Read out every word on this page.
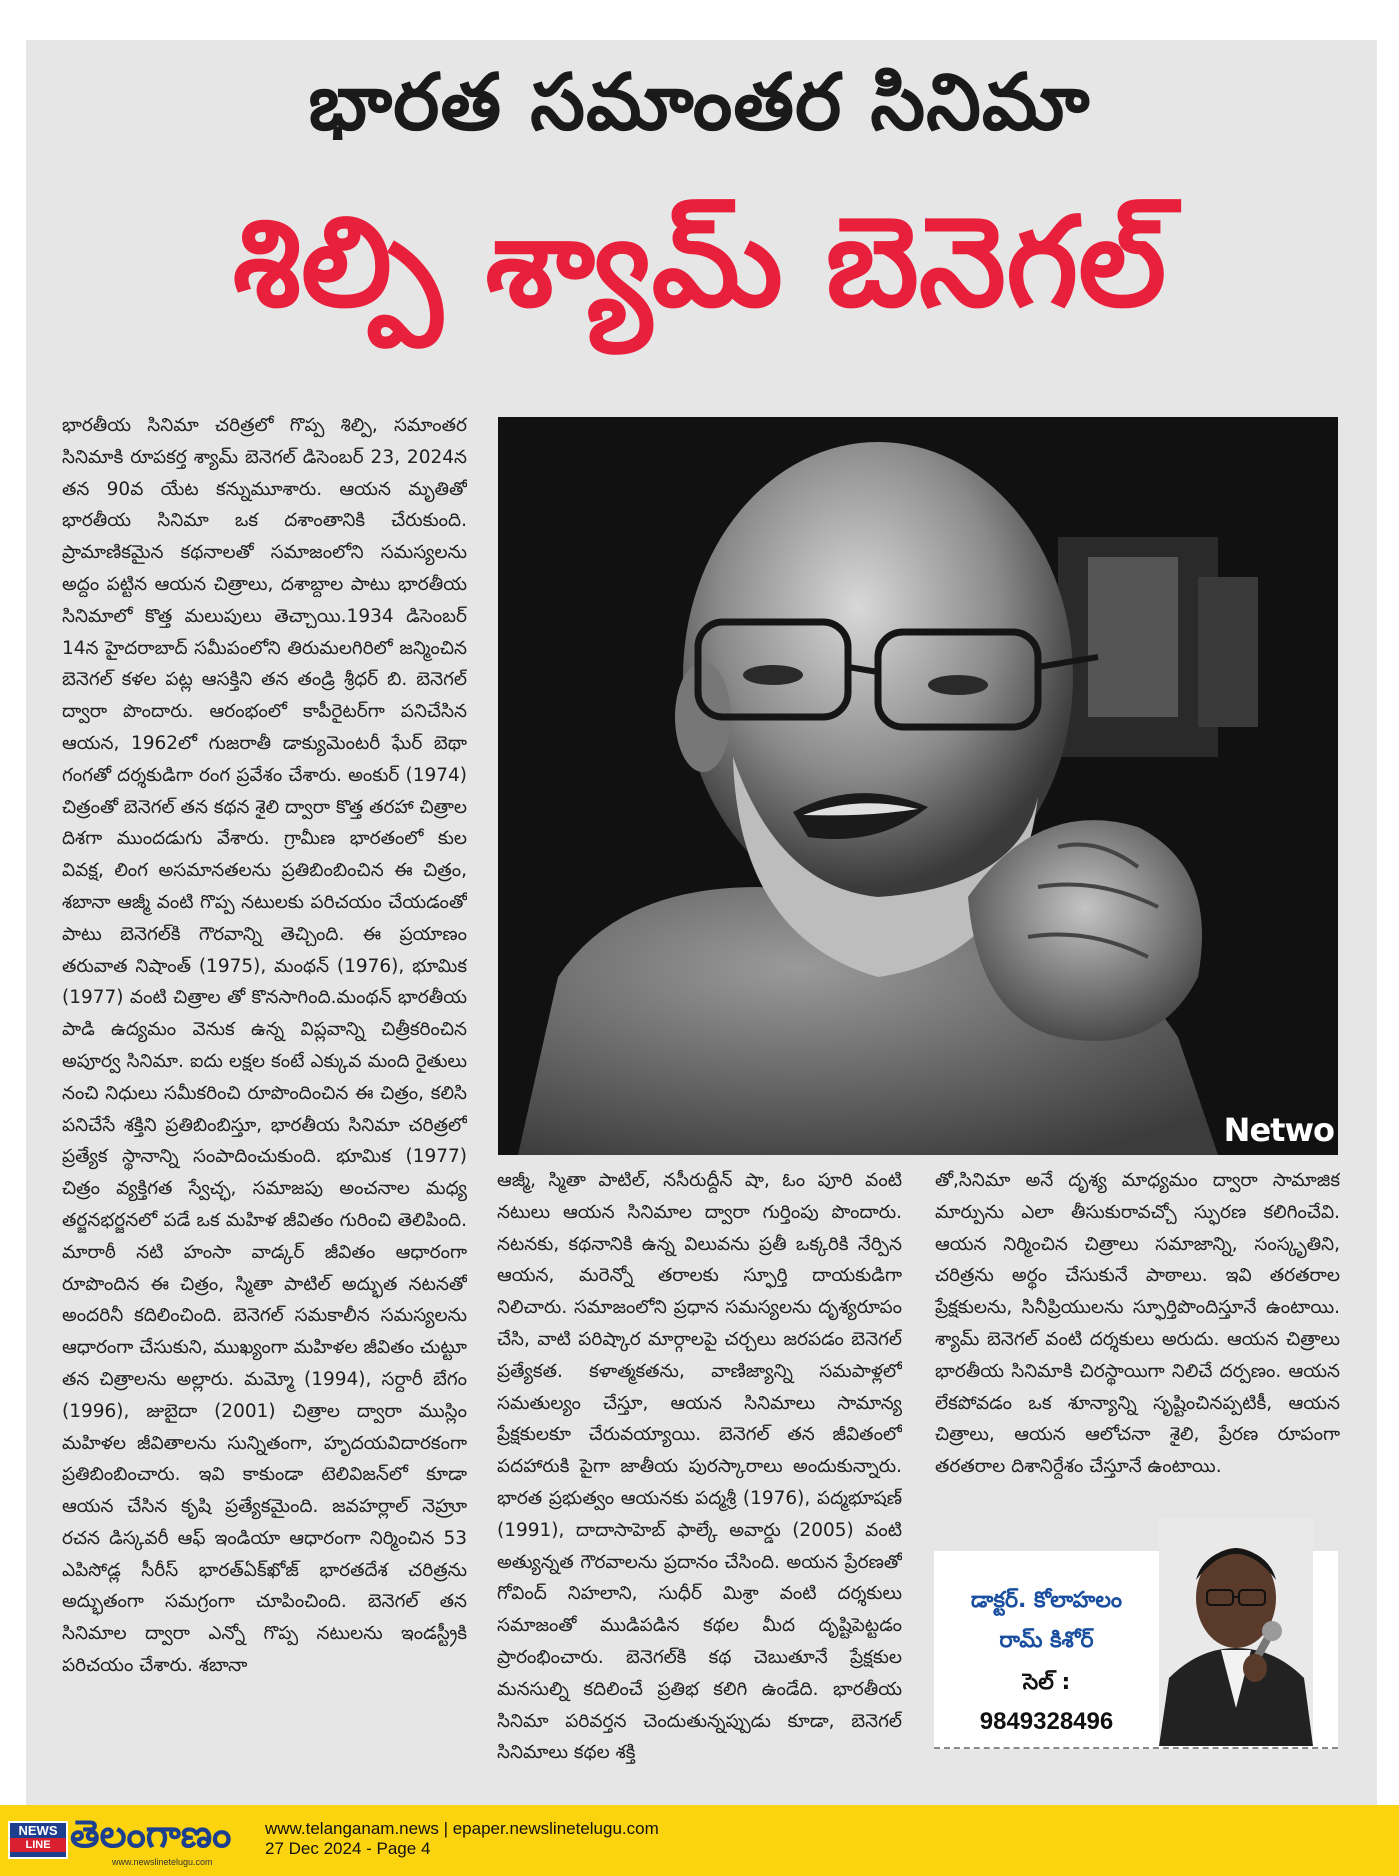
భారత సమాంతర సినిమా
శిల్పి శ్యామ్ బెనెగల్
భారతీయ సినిమా చరిత్రలో గొప్ప శిల్పి, సమాంతర సినిమాకి రూపకర్త శ్యామ్ బెనెగల్ డిసెంబర్ 23, 2024న తన 90వ యేట కన్నుమూశారు. ఆయన మృతితో భారతీయ సినిమా ఒక దశాంతానికి చేరుకుంది. ప్రామాణికమైన కథనాలతో సమాజంలోని సమస్యలను అద్దం పట్టిన ఆయన చిత్రాలు, దశాబ్దాల పాటు భారతీయ సినిమాలో కొత్త మలుపులు తెచ్చాయి.1934 డిసెంబర్ 14న హైదరాబాద్ సమీపంలోని తిరుమలగిరిలో జన్మించిన బెనెగల్ కళల పట్ల ఆసక్తిని తన తండ్రి శ్రీధర్ బి. బెనెగల్ ద్వారా పొందారు. ఆరంభంలో కాపీరైటర్‌గా పనిచేసిన ఆయన, 1962లో గుజరాతీ డాక్యుమెంటరీ ఘేర్ బెథా గంగతో దర్శకుడిగా రంగ ప్రవేశం చేశారు. అంకుర్ (1974) చిత్రంతో బెనెగల్ తన కథన శైలి ద్వారా కొత్త తరహా చిత్రాల దిశగా ముందడుగు వేశారు. గ్రామీణ భారతంలో కుల వివక్ష, లింగ అసమానతలను ప్రతిబింబించిన ఈ చిత్రం, శబానా ఆజ్మీ వంటి గొప్ప నటులకు పరిచయం చేయడంతో పాటు బెనెగల్‌కి గౌరవాన్ని తెచ్చింది. ఈ ప్రయాణం తరువాత నిషాంత్ (1975), మంథన్ (1976), భూమిక (1977) వంటి చిత్రాల తో కొనసాగింది.మంథన్ భారతీయ పాడి ఉద్యమం వెనుక ఉన్న విప్లవాన్ని చిత్రీకరించిన అపూర్వ సినిమా. ఐదు లక్షల కంటే ఎక్కువ మంది రైతులు నంచి నిధులు సమీకరించి రూపొందించిన ఈ చిత్రం, కలిసి పనిచేసే శక్తిని ప్రతిబింబిస్తూ, భారతీయ సినిమా చరిత్రలో ప్రత్యేక స్థానాన్ని సంపాదించుకుంది. భూమిక (1977) చిత్రం వ్యక్తిగత స్వేచ్ఛ, సమాజపు అంచనాల మధ్య తర్జనభర్జనలో పడే ఒక మహిళ జీవితం గురించి తెలిపింది. మారాఠీ నటి హంసా వాడ్కర్ జీవితం ఆధారంగా రూపొందిన ఈ చిత్రం, స్మితా పాటిల్ అద్భుత నటనతో అందరినీ కదిలించింది. బెనెగల్ సమకాలీన సమస్యలను ఆధారంగా చేసుకుని, ముఖ్యంగా మహిళల జీవితం చుట్టూ తన చిత్రాలను అల్లారు. మమ్మో (1994), సర్దారీ బేగం (1996), జుబైదా (2001) చిత్రాల ద్వారా ముస్లిం మహిళల జీవితాలను సున్నితంగా, హృదయవిదారకంగా ప్రతిబింబించారు. ఇవి కాకుండా టెలివిజన్‌లో కూడా ఆయన చేసిన కృషి ప్రత్యేకమైంది. జవహర్లాల్ నెహ్రూ రచన డిస్కవరీ ఆఫ్ ఇండియా ఆధారంగా నిర్మించిన 53 ఎపిసోడ్ల సీరీస్ భారత్‌ఏక్‌ఖోజ్ భారతదేశ చరిత్రను అద్భుతంగా సమగ్రంగా చూపించింది. బెనెగల్ తన సినిమాల ద్వారా ఎన్నో గొప్ప నటులను ఇండస్ట్రీకి పరిచయం చేశారు. శబానా
Netwo
ఆజ్మీ, స్మితా పాటిల్, నసీరుద్దీన్ షా, ఓం పూరి వంటి నటులు ఆయన సినిమాల ద్వారా గుర్తింపు పొందారు. నటనకు, కథనానికి ఉన్న విలువను ప్రతీ ఒక్కరికి నేర్పిన ఆయన, మరెన్నో తరాలకు స్ఫూర్తి దాయకుడిగా నిలిచారు. సమాజంలోని ప్రధాన సమస్యలను దృశ్యరూపం చేసి, వాటి పరిష్కార మార్గాలపై చర్చలు జరపడం బెనెగల్ ప్రత్యేకత. కళాత్మకతను, వాణిజ్యాన్ని సమపాళ్లలో సమతుల్యం చేస్తూ, ఆయన సినిమాలు సామాన్య ప్రేక్షకులకూ చేరువయ్యాయి. బెనెగల్ తన జీవితంలో పదహారుకి పైగా జాతీయ పురస్కారాలు అందుకున్నారు. భారత ప్రభుత్వం ఆయనకు పద్మశ్రీ (1976), పద్మభూషణ్ (1991), దాదాసాహెబ్ ఫాల్కే అవార్డు (2005) వంటి అత్యున్నత గౌరవాలను ప్రదానం చేసింది. అయన ప్రేరణతో గోవింద్ నిహలాని, సుధీర్ మిశ్రా వంటి దర్శకులు సమాజంతో ముడిపడిన కథల మీద దృష్టిపెట్టడం ప్రారంభించారు. బెనెగల్‌కి కథ చెబుతూనే ప్రేక్షకుల మనసుల్ని కదిలించే ప్రతిభ కలిగి ఉండేది. భారతీయ సినిమా పరివర్తన చెందుతున్నప్పుడు కూడా, బెనెగల్ సినిమాలు కథల శక్తి
తో,సినిమా అనే దృశ్య మాధ్యమం ద్వారా సామాజిక మార్పును ఎలా తీసుకురావచ్చో స్ఫురణ కలిగించేవి. ఆయన నిర్మించిన చిత్రాలు సమాజాన్ని, సంస్కృతిని, చరిత్రను అర్థం చేసుకునే పాఠాలు. ఇవి తరతరాల ప్రేక్షకులను, సినీప్రియులను స్ఫూర్తిపొందిస్తూనే ఉంటాయి. శ్యామ్ బెనెగల్ వంటి దర్శకులు అరుదు. ఆయన చిత్రాలు భారతీయ సినిమాకి చిరస్థాయిగా నిలిచే దర్పణం. ఆయన లేకపోవడం ఒక శూన్యాన్ని సృష్టించినప్పటికీ, ఆయన చిత్రాలు, ఆయన ఆలోచనా శైలి, ప్రేరణ రూపంగా తరతరాల దిశానిర్దేశం చేస్తూనే ఉంటాయి.
డాక్టర్. కోలాహలం
రామ్ కిశోర్
సెల్ :
9849328496
NEWS
LINE తెలంగాణం
www.newslinetelugu.com
www.telanganam.news | epaper.newslinetelugu.com
27 Dec 2024 - Page 4
